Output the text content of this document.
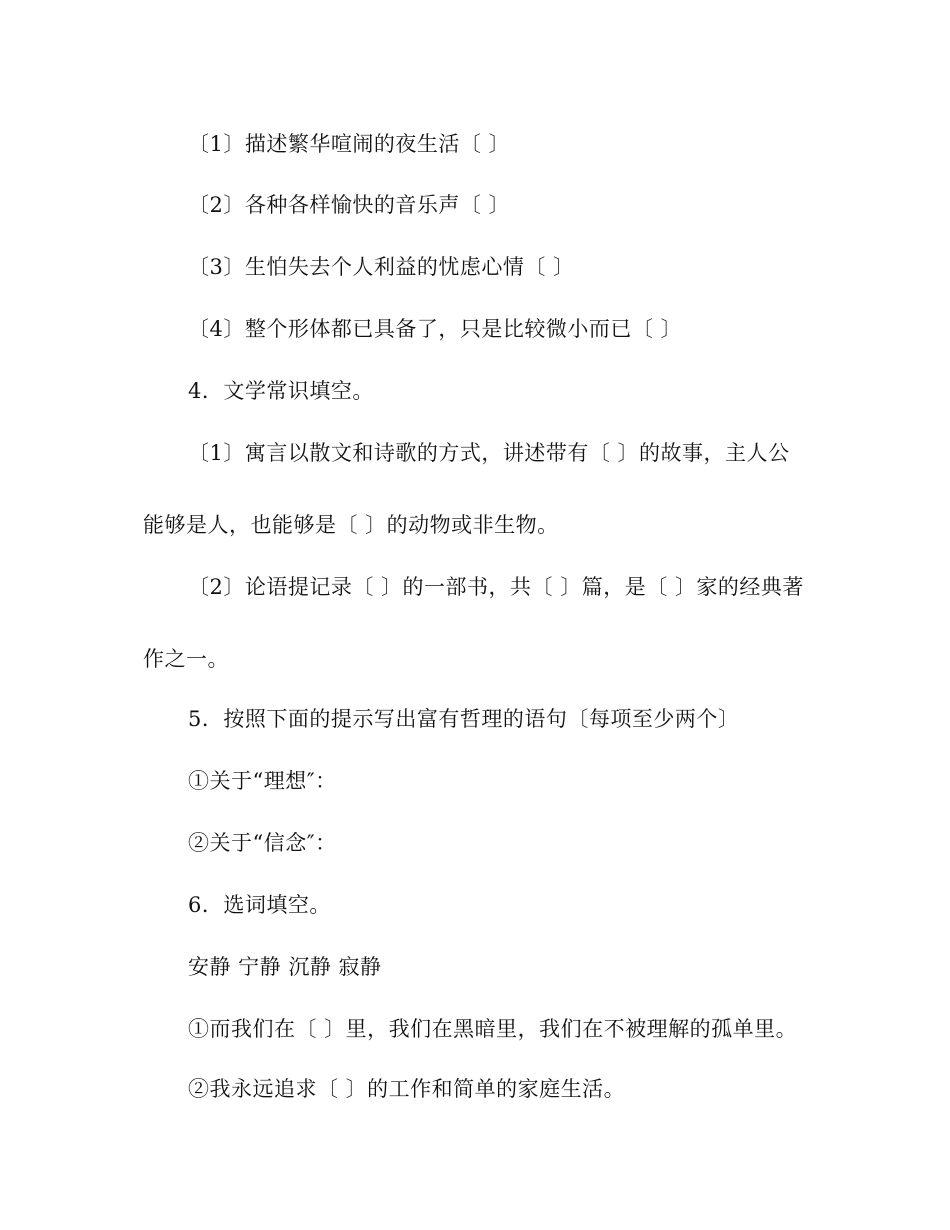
〔1〕描述繁华喧闹的夜生活〔 〕
〔2〕各种各样愉快的音乐声〔 〕
〔3〕生怕失去个人利益的忧虑心情〔 〕
〔4〕整个形体都已具备了，只是比较微小而已〔 〕
4．文学常识填空。
〔1〕寓言以散文和诗歌的方式，讲述带有〔 〕的故事，主人公
能够是人，也能够是〔 〕的动物或非生物。
〔2〕论语提记录〔 〕的一部书，共〔 〕篇，是〔 〕家的经典著
作之一。
5．按照下面的提示写出富有哲理的语句〔每项至少两个〕
①关于“理想″：
②关于“信念″：
6．选词填空。
安静 宁静 沉静 寂静
①而我们在〔 〕里，我们在黑暗里，我们在不被理解的孤单里。
②我永远追求〔 〕的工作和简单的家庭生活。
